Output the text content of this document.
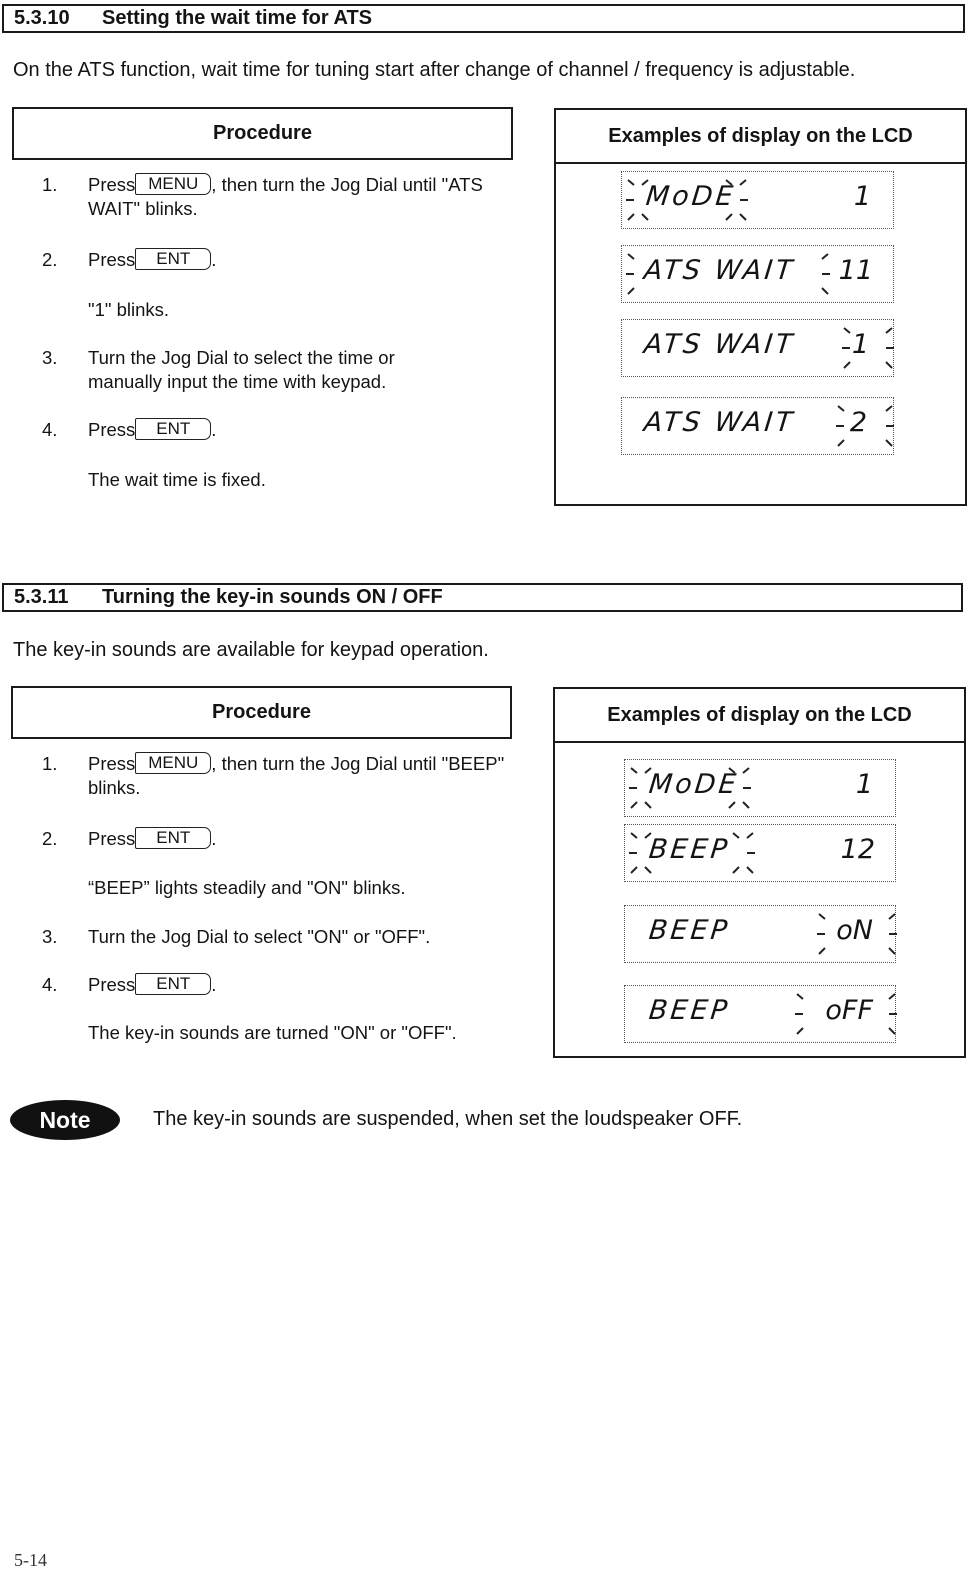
5.3.10	Setting the wait time for ATS
On the ATS function, wait time for tuning start after change of channel / frequency is adjustable.
Procedure
1. Press MENU , then turn the Jog Dial until "ATS WAIT" blinks.
2. Press ENT .
"1" blinks.
3. Turn the Jog Dial to select the time or manually input the time with keypad.
4. Press ENT .
The wait time is fixed.
Examples of display on the LCD
MoDE	1
ATS WAIT 11
ATS WAIT 1
ATS WAIT 2
5.3.11	Turning the key-in sounds ON / OFF
The key-in sounds are available for keypad operation.
Procedure
1. Press MENU , then turn the Jog Dial until "BEEP" blinks.
2. Press ENT .
“BEEP” lights steadily and "ON" blinks.
3. Turn the Jog Dial to select "ON" or "OFF".
4. Press ENT .
The key-in sounds are turned "ON" or "OFF".
Examples of display on the LCD
MoDE	1
BEEP	12
BEEP	oN
BEEP	oFF
Note	The key-in sounds are suspended, when set the loudspeaker OFF.
5-14
